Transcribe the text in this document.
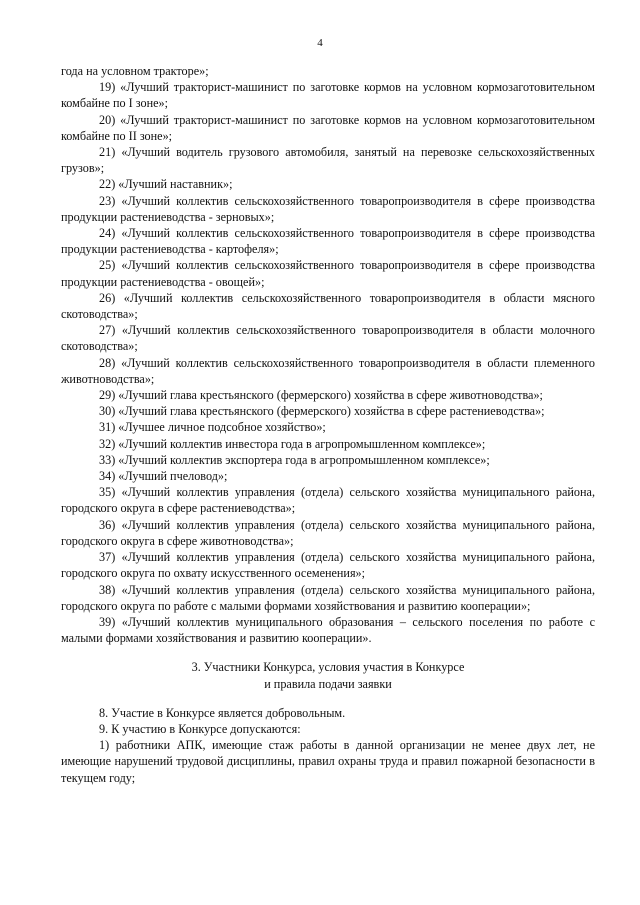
4

года на условном тракторе»;

19) «Лучший тракторист-машинист по заготовке кормов на условном кормозаготовительном комбайне по I зоне»;

20) «Лучший тракторист-машинист по заготовке кормов на условном кормозаготовительном комбайне по II зоне»;

21) «Лучший водитель грузового автомобиля, занятый на перевозке сельскохозяйственных грузов»;

22) «Лучший наставник»;

23) «Лучший коллектив сельскохозяйственного товаропроизводителя в сфере производства продукции растениеводства - зерновых»;

24) «Лучший коллектив сельскохозяйственного товаропроизводителя в сфере производства продукции растениеводства - картофеля»;

25) «Лучший коллектив сельскохозяйственного товаропроизводителя в сфере производства продукции растениеводства - овощей»;

26) «Лучший коллектив сельскохозяйственного товаропроизводителя в области мясного скотоводства»;

27) «Лучший коллектив сельскохозяйственного товаропроизводителя в области молочного скотоводства»;

28) «Лучший коллектив сельскохозяйственного товаропроизводителя в области племенного животноводства»;

29) «Лучший глава крестьянского (фермерского) хозяйства в сфере животноводства»;

30) «Лучший глава крестьянского (фермерского) хозяйства в сфере растениеводства»;

31) «Лучшее личное подсобное хозяйство»;

32) «Лучший коллектив инвестора года в агропромышленном комплексе»;

33) «Лучший коллектив экспортера года в агропромышленном комплексе»;

34) «Лучший пчеловод»;

35) «Лучший коллектив управления (отдела) сельского хозяйства муниципального района, городского округа в сфере растениеводства»;

36) «Лучший коллектив управления (отдела) сельского хозяйства муниципального района, городского округа в сфере животноводства»;

37) «Лучший коллектив управления (отдела) сельского хозяйства муниципального района, городского округа по охвату искусственного осеменения»;

38) «Лучший коллектив управления (отдела) сельского хозяйства муниципального района, городского округа по работе с малыми формами хозяйствования и развитию кооперации»;

39) «Лучший коллектив муниципального образования – сельского поселения по работе с малыми формами хозяйствования и развитию кооперации».

3. Участники Конкурса, условия участия в Конкурсе
и правила подачи заявки

8. Участие в Конкурсе является добровольным.

9. К участию в Конкурсе допускаются:

1) работники АПК, имеющие стаж работы в данной организации не менее двух лет, не имеющие нарушений трудовой дисциплины, правил охраны труда и правил пожарной безопасности в текущем году;
